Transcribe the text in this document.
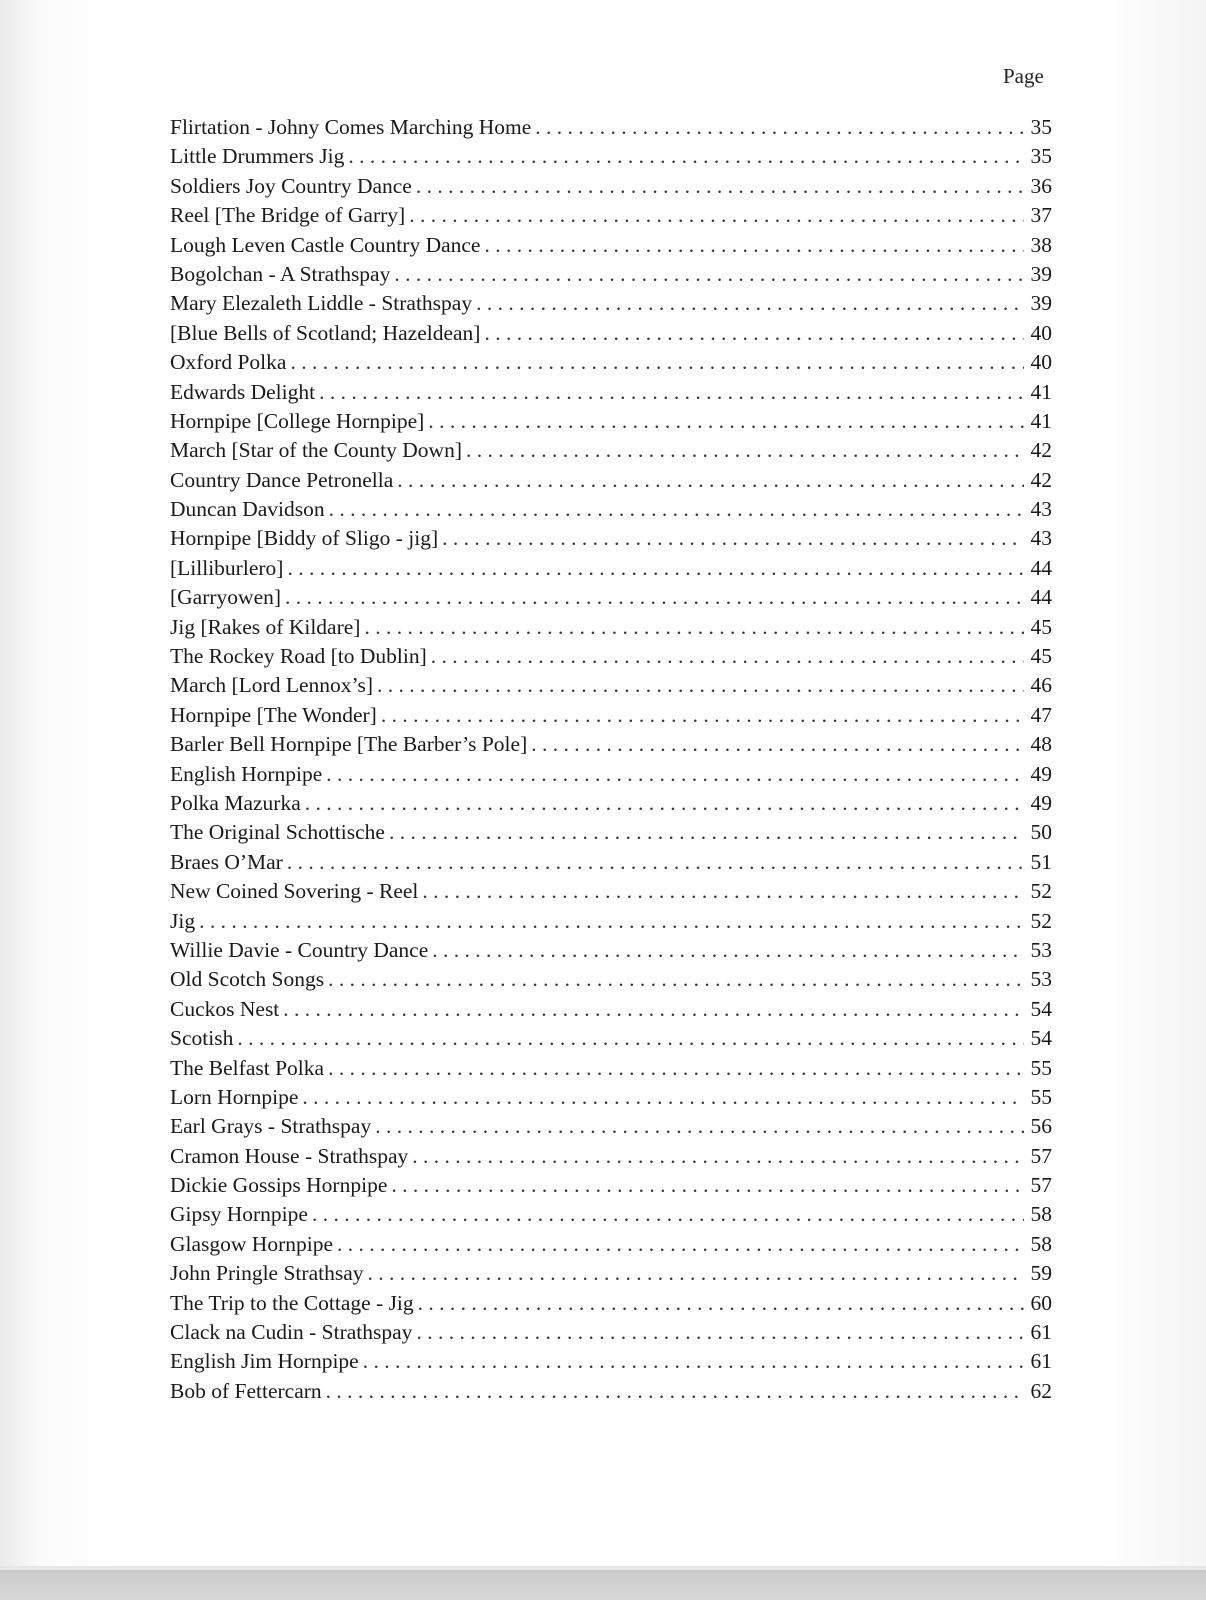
Page
Flirtation - Johny Comes Marching Home . . .	35
Little Drummers Jig . . .	35
Soldiers Joy Country Dance . . .	36
Reel [The Bridge of Garry] . . .	37
Lough Leven Castle Country Dance . . .	38
Bogolchan - A Strathspay . . .	39
Mary Elezaleth Liddle - Strathspay . . .	39
[Blue Bells of Scotland; Hazeldean] . . .	40
Oxford Polka . . .	40
Edwards Delight . . .	41
Hornpipe [College Hornpipe] . . .	41
March [Star of the County Down] . . .	42
Country Dance Petronella . . .	42
Duncan Davidson . . .	43
Hornpipe [Biddy of Sligo - jig] . . .	43
[Lilliburlero] . . .	44
[Garryowen] . . .	44
Jig [Rakes of Kildare] . . .	45
The Rockey Road [to Dublin] . . .	45
March [Lord Lennox’s] . . .	46
Hornpipe [The Wonder] . . .	47
Barler Bell Hornpipe [The Barber’s Pole] . . .	48
English Hornpipe . . .	49
Polka Mazurka . . .	49
The Original Schottische . . .	50
Braes O’Mar . . .	51
New Coined Sovering - Reel . . .	52
Jig . . .	52
Willie Davie - Country Dance . . .	53
Old Scotch Songs . . .	53
Cuckos Nest . . .	54
Scotish . . .	54
The Belfast Polka . . .	55
Lorn Hornpipe . . .	55
Earl Grays - Strathspay . . .	56
Cramon House - Strathspay . . .	57
Dickie Gossips Hornpipe . . .	57
Gipsy Hornpipe . . .	58
Glasgow Hornpipe . . .	58
John Pringle Strathsay . . .	59
The Trip to the Cottage - Jig . . .	60
Clack na Cudin - Strathspay . . .	61
English Jim Hornpipe . . .	61
Bob of Fettercarn . . .	62
